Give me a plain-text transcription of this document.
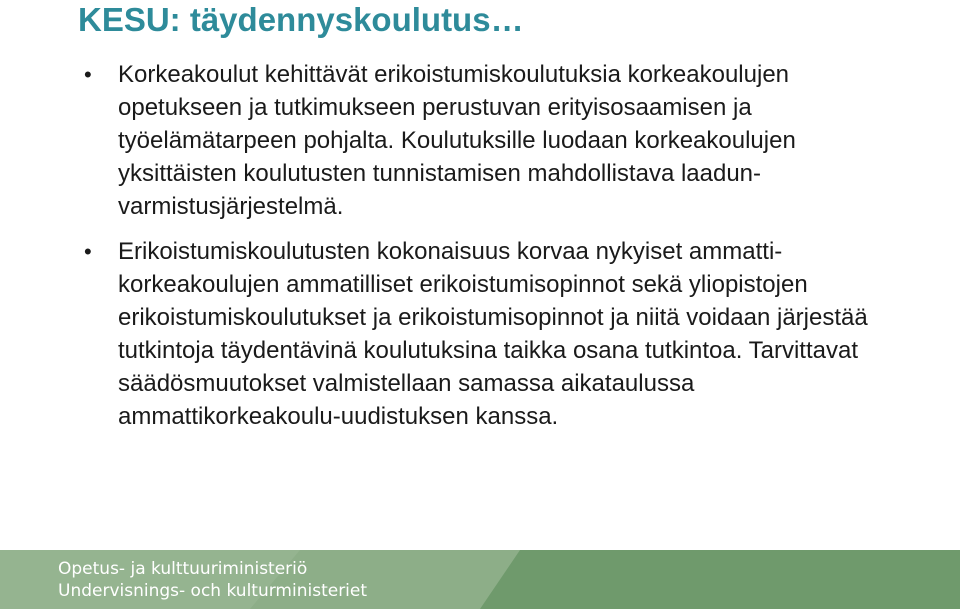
KESU: täydennyskoulutus…
• Korkeakoulut kehittävät erikoistumiskoulutuksia korkeakoulujen opetukseen ja tutkimukseen perustuvan erityisosaamisen ja työelämätarpeen pohjalta. Koulutuksille luodaan korkeakoulujen yksittäisten koulutusten tunnistamisen mahdollistava laadun-varmistusjärjestelmä.
• Erikoistumiskoulutusten kokonaisuus korvaa nykyiset ammatti-korkeakoulujen ammatilliset erikoistumisopinnot sekä yliopistojen erikoistumiskoulutukset ja erikoistumisopinnot ja niitä voidaan järjestää tutkintoja täydentävinä koulutuksina taikka osana tutkintoa. Tarvittavat säädösmuutokset valmistellaan samassa aikataulussa ammattikorkeakoulu-uudistuksen kanssa.
Opetus- ja kulttuuriministeriö
Undervisnings- och kulturministeriet
